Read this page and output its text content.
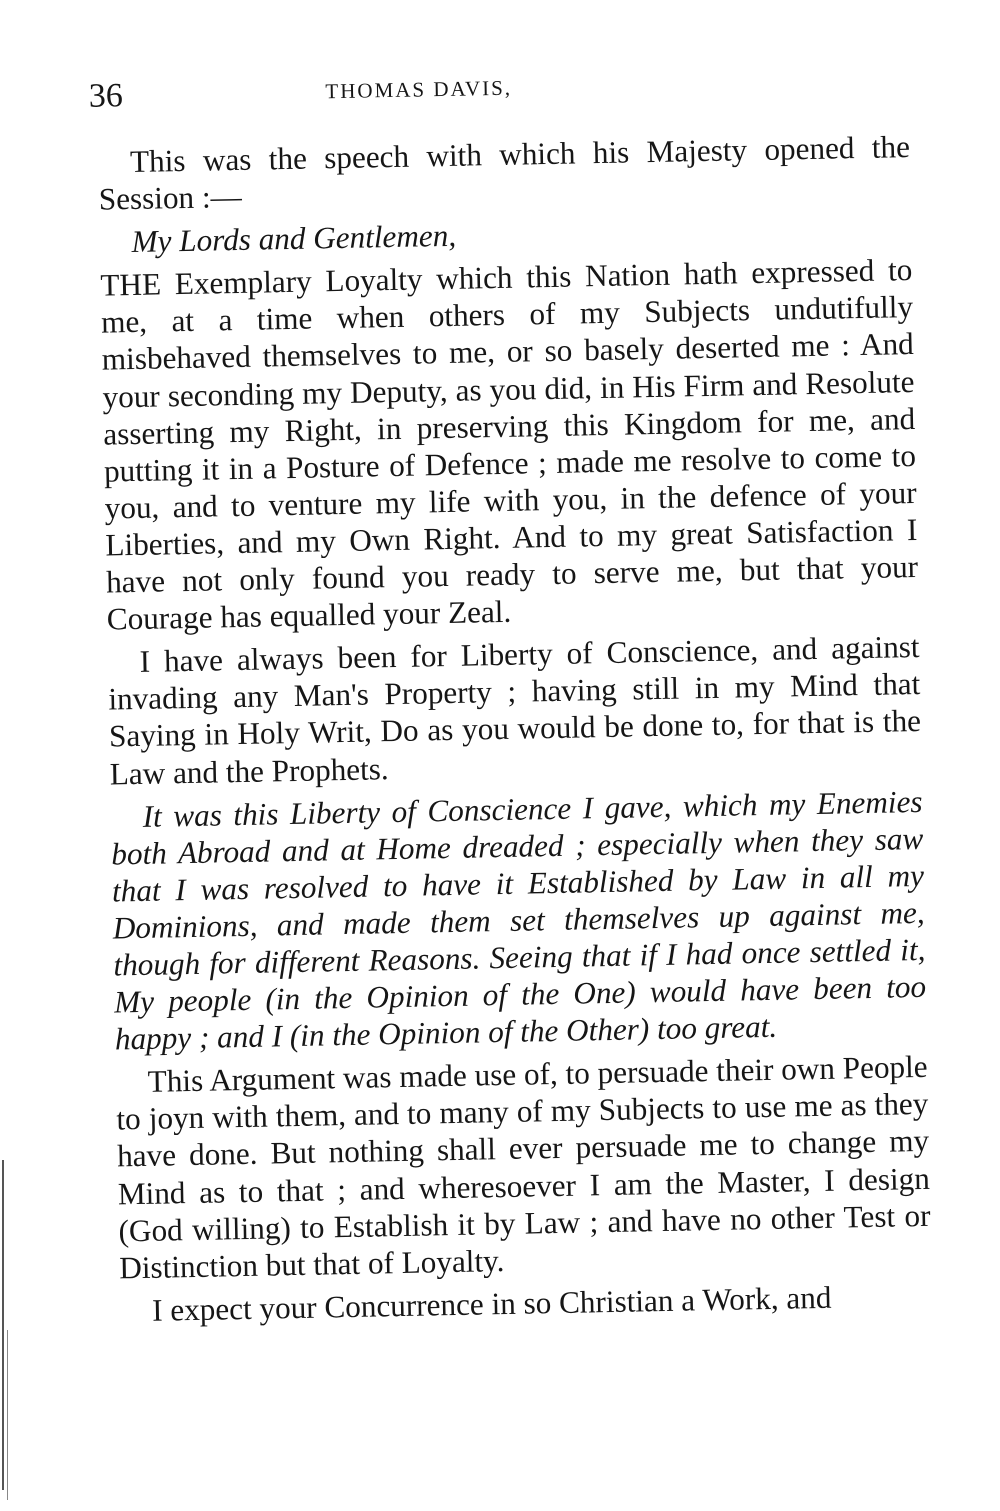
36	THOMAS DAVIS,

This was the speech with which his Majesty opened the Session :—

My Lords and Gentlemen,

THE Exemplary Loyalty which this Nation hath expressed to me, at a time when others of my Subjects undutifully misbehaved themselves to me, or so basely deserted me : And your seconding my Deputy, as you did, in His Firm and Resolute asserting my Right, in preserving this Kingdom for me, and putting it in a Posture of Defence ; made me resolve to come to you, and to venture my life with you, in the defence of your Liberties, and my Own Right. And to my great Satisfaction I have not only found you ready to serve me, but that your Courage has equalled your Zeal.

I have always been for Liberty of Conscience, and against invading any Man's Property ; having still in my Mind that Saying in Holy Writ, Do as you would be done to, for that is the Law and the Prophets.

It was this Liberty of Conscience I gave, which my Enemies both Abroad and at Home dreaded ; especially when they saw that I was resolved to have it Established by Law in all my Dominions, and made them set themselves up against me, though for different Reasons. Seeing that if I had once settled it, My people (in the Opinion of the One) would have been too happy ; and I (in the Opinion of the Other) too great.

This Argument was made use of, to persuade their own People to joyn with them, and to many of my Subjects to use me as they have done. But nothing shall ever persuade me to change my Mind as to that ; and wheresoever I am the Master, I design (God willing) to Establish it by Law ; and have no other Test or Distinction but that of Loyalty.

I expect your Concurrence in so Christian a Work, and
